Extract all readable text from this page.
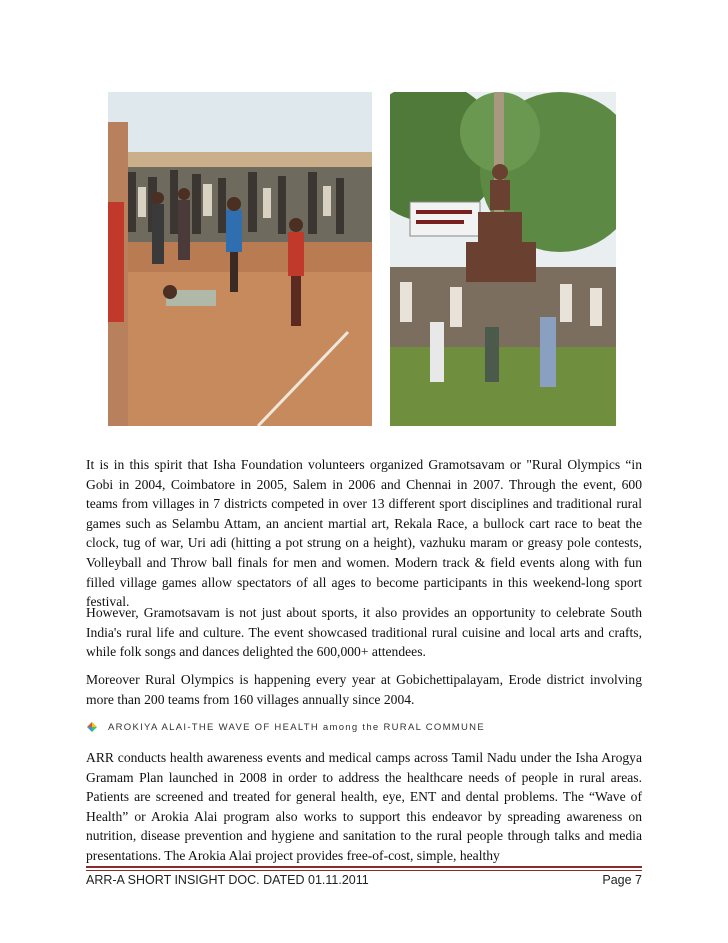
It is in this spirit that Isha Foundation volunteers organized Gramotsavam or "Rural Olympics “in Gobi in 2004, Coimbatore in 2005, Salem in 2006 and Chennai in 2007. Through the event, 600 teams from villages in 7 districts competed in over 13 different sport disciplines and traditional rural games such as Selambu Attam, an ancient martial art, Rekala Race, a bullock cart race to beat the clock, tug of war, Uri adi (hitting a pot strung on a height), vazhuku maram or greasy pole contests, Volleyball and Throw ball finals for men and women. Modern track & field events along with fun filled village games allow spectators of all ages to become participants in this weekend-long sport festival.

However, Gramotsavam is not just about sports, it also provides an opportunity to celebrate South India's rural life and culture. The event showcased traditional rural cuisine and local arts and crafts, while folk songs and dances delighted the 600,000+ attendees.

Moreover Rural Olympics is happening every year at Gobichettipalayam, Erode district involving more than 200 teams from 160 villages annually since 2004.

AROKIYA ALAI-THE WAVE OF HEALTH among the RURAL COMMUNE

ARR conducts health awareness events and medical camps across Tamil Nadu under the Isha Arogya Gramam Plan launched in 2008 in order to address the healthcare needs of people in rural areas. Patients are screened and treated for general health, eye, ENT and dental problems. The “Wave of Health” or Arokia Alai program also works to support this endeavor by spreading awareness on nutrition, disease prevention and hygiene and sanitation to the rural people through talks and media presentations. The Arokia Alai project provides free-of-cost, simple, healthy

ARR-A SHORT INSIGHT DOC. DATED 01.11.2011	Page 7
